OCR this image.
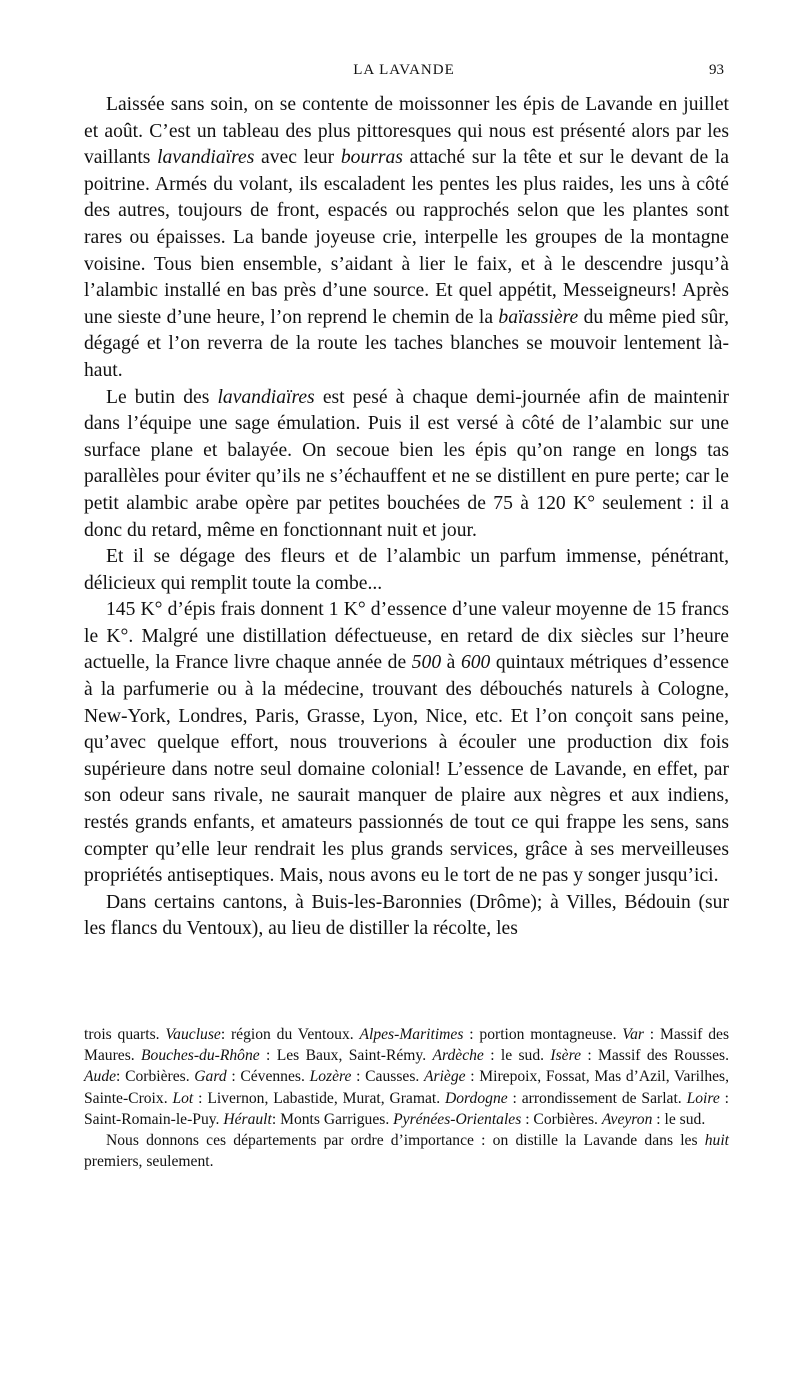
LA LAVANDE	93

Laissée sans soin, on se contente de moissonner les épis de Lavande en juillet et août. C’est un tableau des plus pittoresques qui nous est présenté alors par les vaillants lavandiaïres avec leur bourras attaché sur la tête et sur le devant de la poitrine. Armés du volant, ils escaladent les pentes les plus raides, les uns à côté des autres, toujours de front, espacés ou rapprochés selon que les plantes sont rares ou épaisses. La bande joyeuse crie, interpelle les groupes de la montagne voisine. Tous bien ensemble, s’aidant à lier le faix, et à le descendre jusqu’à l’alambic installé en bas près d’une source. Et quel appétit, Messeigneurs! Après une sieste d’une heure, l’on reprend le chemin de la baïassière du même pied sûr, dégagé et l’on reverra de la route les taches blanches se mouvoir lentement là-haut.

Le butin des lavandiaïres est pesé à chaque demi-journée afin de maintenir dans l’équipe une sage émulation. Puis il est versé à côté de l’alambic sur une surface plane et balayée. On secoue bien les épis qu’on range en longs tas parallèles pour éviter qu’ils ne s’échauffent et ne se distillent en pure perte; car le petit alambic arabe opère par petites bouchées de 75 à 120 K° seulement : il a donc du retard, même en fonctionnant nuit et jour.

Et il se dégage des fleurs et de l’alambic un parfum immense, pénétrant, délicieux qui remplit toute la combe...

145 K° d’épis frais donnent 1 K° d’essence d’une valeur moyenne de 15 francs le K°. Malgré une distillation défectueuse, en retard de dix siècles sur l’heure actuelle, la France livre chaque année de 500 à 600 quintaux métriques d’essence à la parfumerie ou à la médecine, trouvant des débouchés naturels à Cologne, New-York, Londres, Paris, Grasse, Lyon, Nice, etc. Et l’on conçoit sans peine, qu’avec quelque effort, nous trouverions à écouler une production dix fois supérieure dans notre seul domaine colonial! L’essence de Lavande, en effet, par son odeur sans rivale, ne saurait manquer de plaire aux nègres et aux indiens, restés grands enfants, et amateurs passionnés de tout ce qui frappe les sens, sans compter qu’elle leur rendrait les plus grands services, grâce à ses merveilleuses propriétés antiseptiques. Mais, nous avons eu le tort de ne pas y songer jusqu’ici.

Dans certains cantons, à Buis-les-Baronnies (Drôme); à Villes, Bédouin (sur les flancs du Ventoux), au lieu de distiller la récolte, les

trois quarts. Vaucluse: région du Ventoux. Alpes-Maritimes : portion montagneuse. Var : Massif des Maures. Bouches-du-Rhône : Les Baux, Saint-Rémy. Ardèche : le sud. Isère : Massif des Rousses. Aude: Corbières. Gard : Cévennes. Lozère : Causses. Ariège : Mirepoix, Fossat, Mas d’Azil, Varilhes, Sainte-Croix. Lot : Livernon, Labastide, Murat, Gramat. Dordogne : arrondissement de Sarlat. Loire : Saint-Romain-le-Puy. Hérault: Monts Garrigues. Pyrénées-Orientales : Corbières. Aveyron : le sud.

Nous donnons ces départements par ordre d’importance : on distille la Lavande dans les huit premiers, seulement.
